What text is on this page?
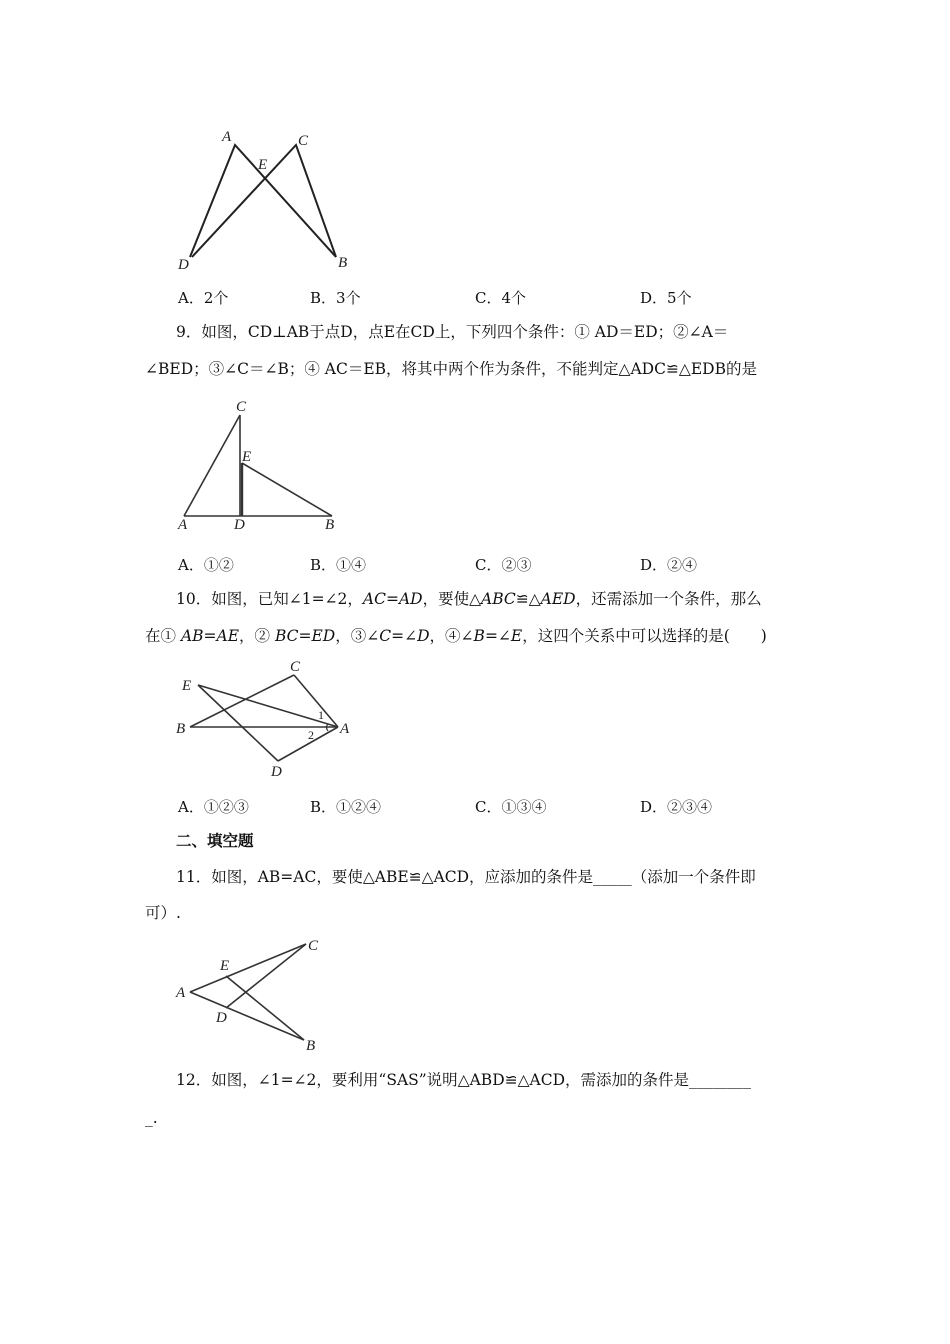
A	C
E
D	B
A．2个	B．3个	C．4个	D．5个
9．如图，CD⊥AB于点D，点E在CD上，下列四个条件：① AD＝ED；②∠A＝
∠BED；③∠C＝∠B；④ AC＝EB，将其中两个作为条件，不能判定△ADC≌△EDB的是
C
E
A	D	B
A．①②	B．①④	C．②③	D．②④
10．如图，已知∠1=∠2，AC=AD，要使△ABC≌△AED，还需添加一个条件，那么
在① AB=AE，② BC=ED，③∠C=∠D，④∠B=∠E，这四个关系中可以选择的是(　　)
C
E
B	A
D
1
2
A．①②③	B．①②④	C．①③④	D．②③④
二、填空题
11．如图，AB=AC，要使△ABE≌△ACD，应添加的条件是_____（添加一个条件即
可）.
C
E
A
D
B
12．如图，∠1=∠2，要利用“SAS”说明△ABD≌△ACD，需添加的条件是________
_.
